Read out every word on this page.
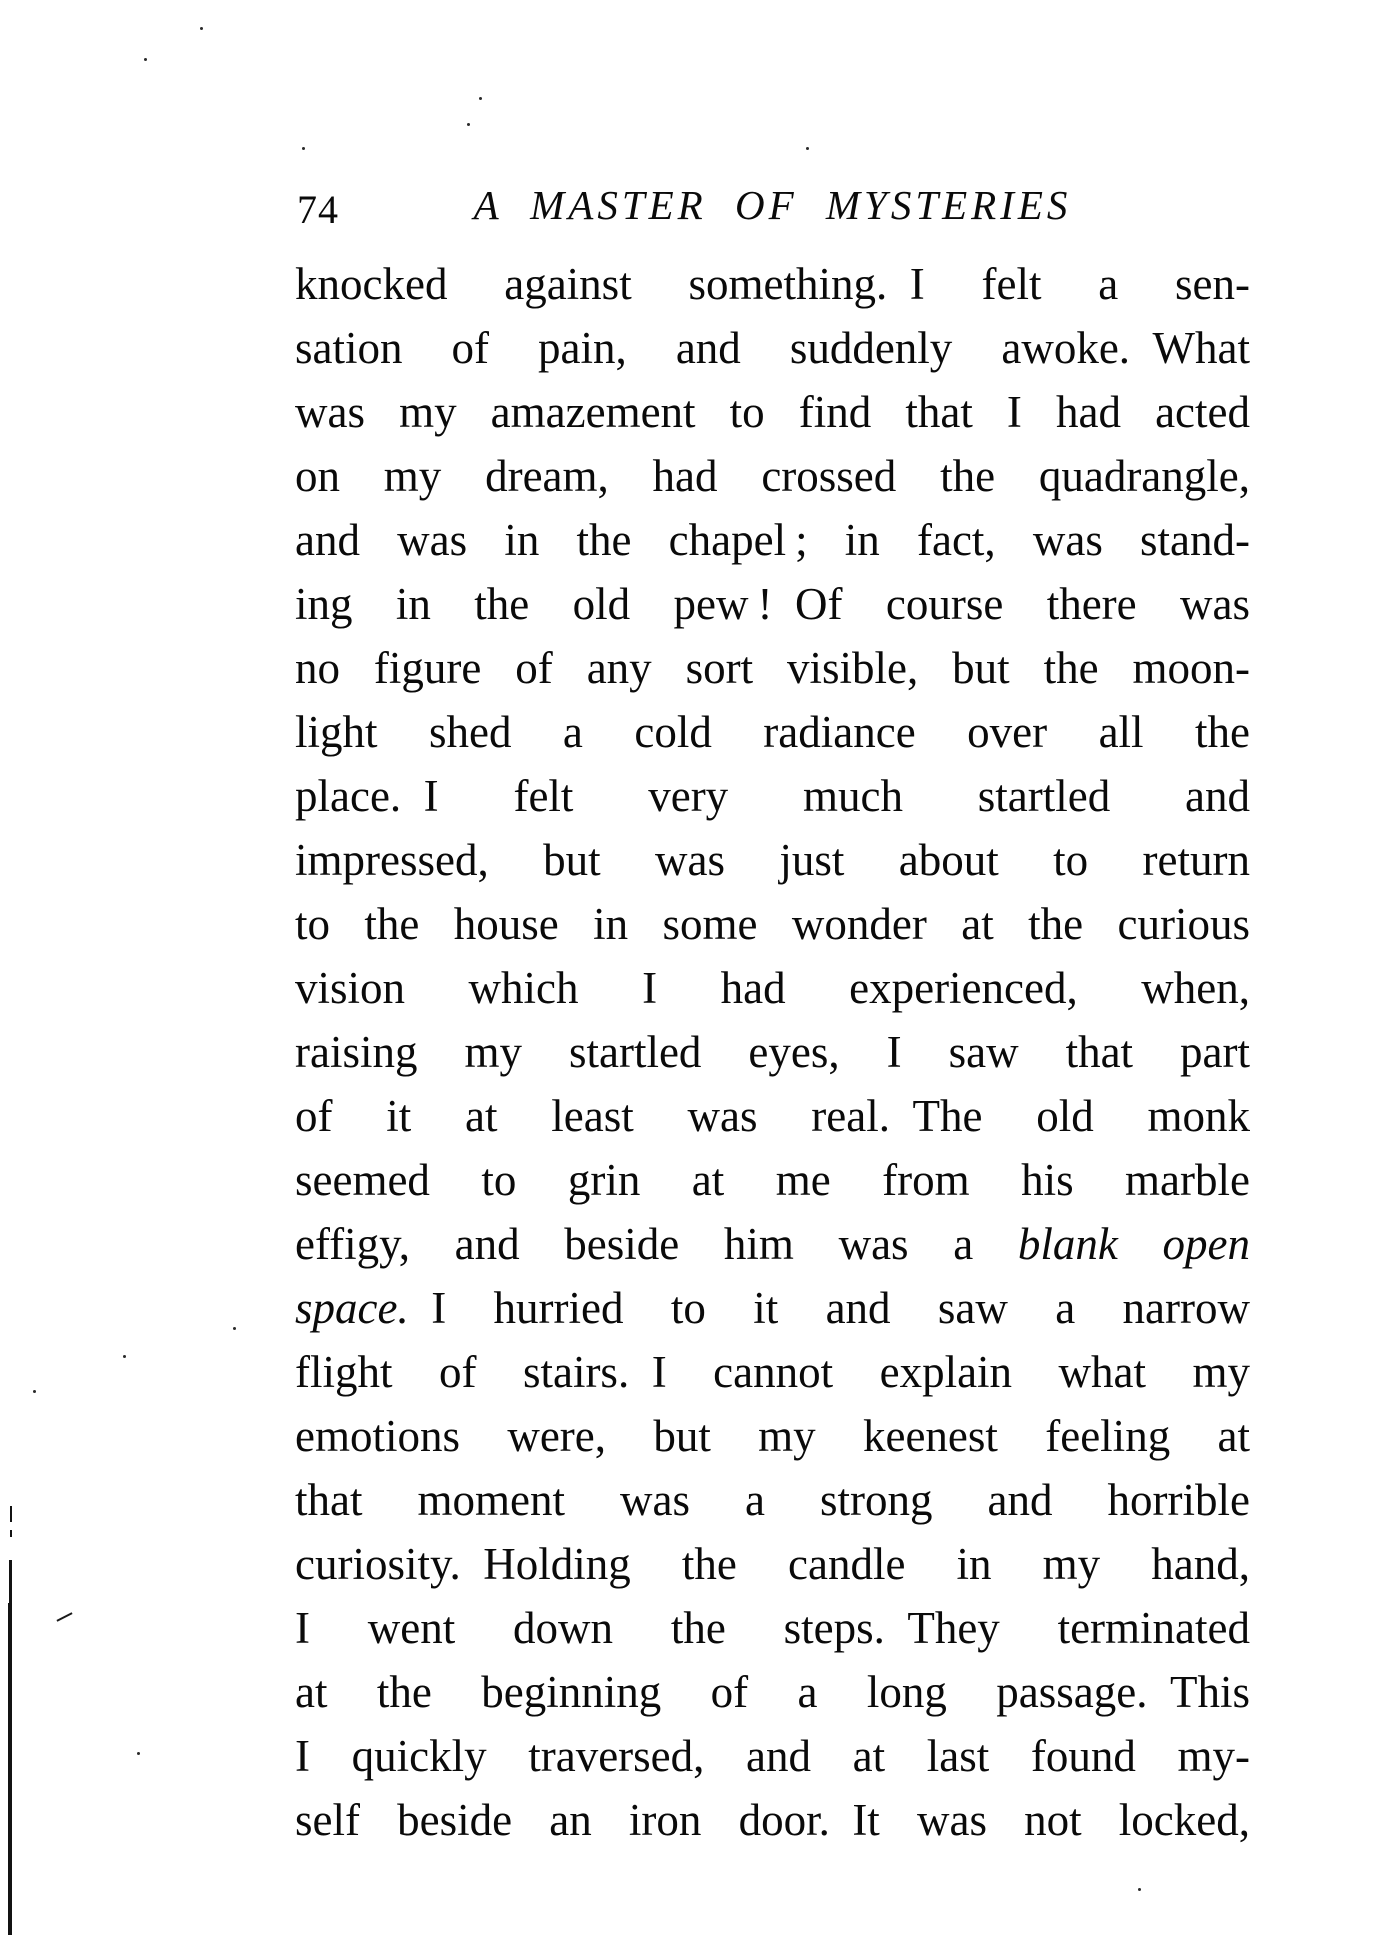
74	A MASTER OF MYSTERIES
knocked against something. I felt a sen-
sation of pain, and suddenly awoke. What
was my amazement to find that I had acted
on my dream, had crossed the quadrangle,
and was in the chapel ; in fact, was stand-
ing in the old pew ! Of course there was
no figure of any sort visible, but the moon-
light shed a cold radiance over all the
place. I felt very much startled and
impressed, but was just about to return
to the house in some wonder at the curious
vision which I had experienced, when,
raising my startled eyes, I saw that part
of it at least was real. The old monk
seemed to grin at me from his marble
effigy, and beside him was a blank open
space. I hurried to it and saw a narrow
flight of stairs. I cannot explain what my
emotions were, but my keenest feeling at
that moment was a strong and horrible
curiosity. Holding the candle in my hand,
I went down the steps. They terminated
at the beginning of a long passage. This
I quickly traversed, and at last found my-
self beside an iron door. It was not locked,
